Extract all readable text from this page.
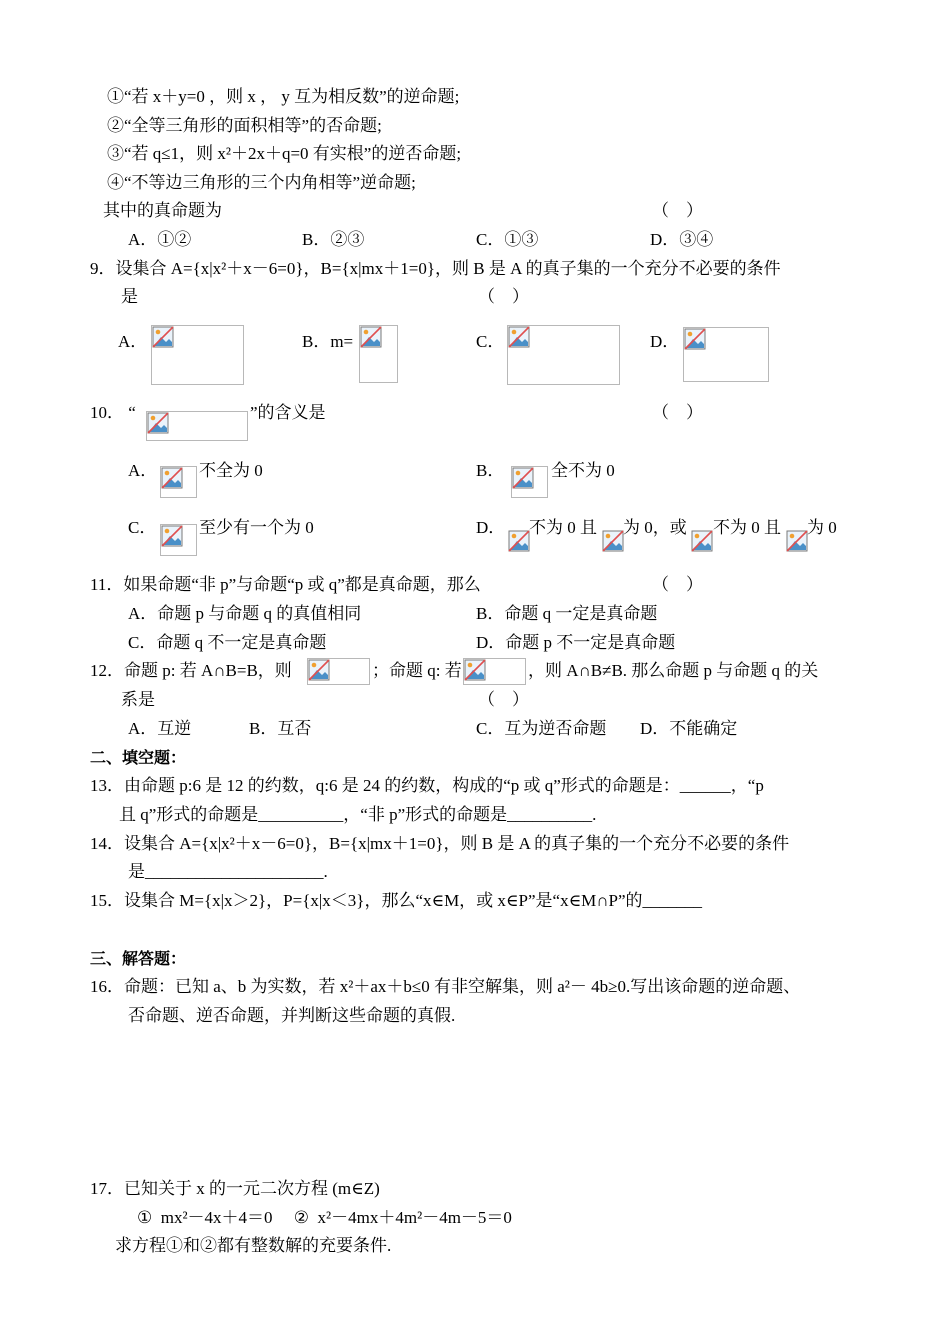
①“若 x＋y=0 ，则 x ， y 互为相反数”的逆命题;
②“全等三角形的面积相等”的否命题;
③“若 q≤1，则 x²＋2x＋q=0 有实根”的逆否命题;
④“不等边三角形的三个内角相等”逆命题;
其中的真命题为	（    ）
A．①②	B．②③	C．①③	D．③④
9．设集合 A={x|x²＋x－6=0}，B={x|mx＋1=0}，则 B 是 A 的真子集的一个充分不必要的条件
是	（    ）
A．	B．m=	C．	D．
10． “	”的含义是	（    ）
A． 不全为 0	B．	全不为 0
C．	至少有一个为 0	D． 不为 0 且 为 0，或 不为 0 且 为 0
11．如果命题“非 p”与命题“p 或 q”都是真命题，那么	（    ）
A．命题 p 与命题 q 的真值相同	B．命题 q 一定是真命题
C．命题 q 不一定是真命题	D．命题 p 不一定是真命题
12．命题 p: 若 A∩B=B，则	；命题 q: 若	，则 A∩B≠B. 那么命题 p 与命题 q 的关
系是	（    ）
A．互逆	B．互否	C．互为逆否命题 D．不能确定
二、填空题：
13．由命题 p:6 是 12 的约数，q:6 是 24 的约数，构成的“p 或 q”形式的命题是：______，“p
且 q”形式的命题是__________，“非 p”形式的命题是__________.
14．设集合 A={x|x²＋x－6=0}，B={x|mx＋1=0}，则 B 是 A 的真子集的一个充分不必要的条件
是_____________________.
15．设集合 M={x|x＞2}，P={x|x＜3}，那么“x∈M，或 x∈P”是“x∈M∩P”的_______
三、解答题：
16．命题：已知 a、b 为实数，若 x²＋ax＋b≤0 有非空解集，则 a²－ 4b≥0.写出该命题的逆命题、
否命题、逆否命题，并判断这些命题的真假.
17．已知关于 x 的一元二次方程 (m∈Z)
①  mx²－4x＋4＝0     ②  x²－4mx＋4m²－4m－5＝0
求方程①和②都有整数解的充要条件.
